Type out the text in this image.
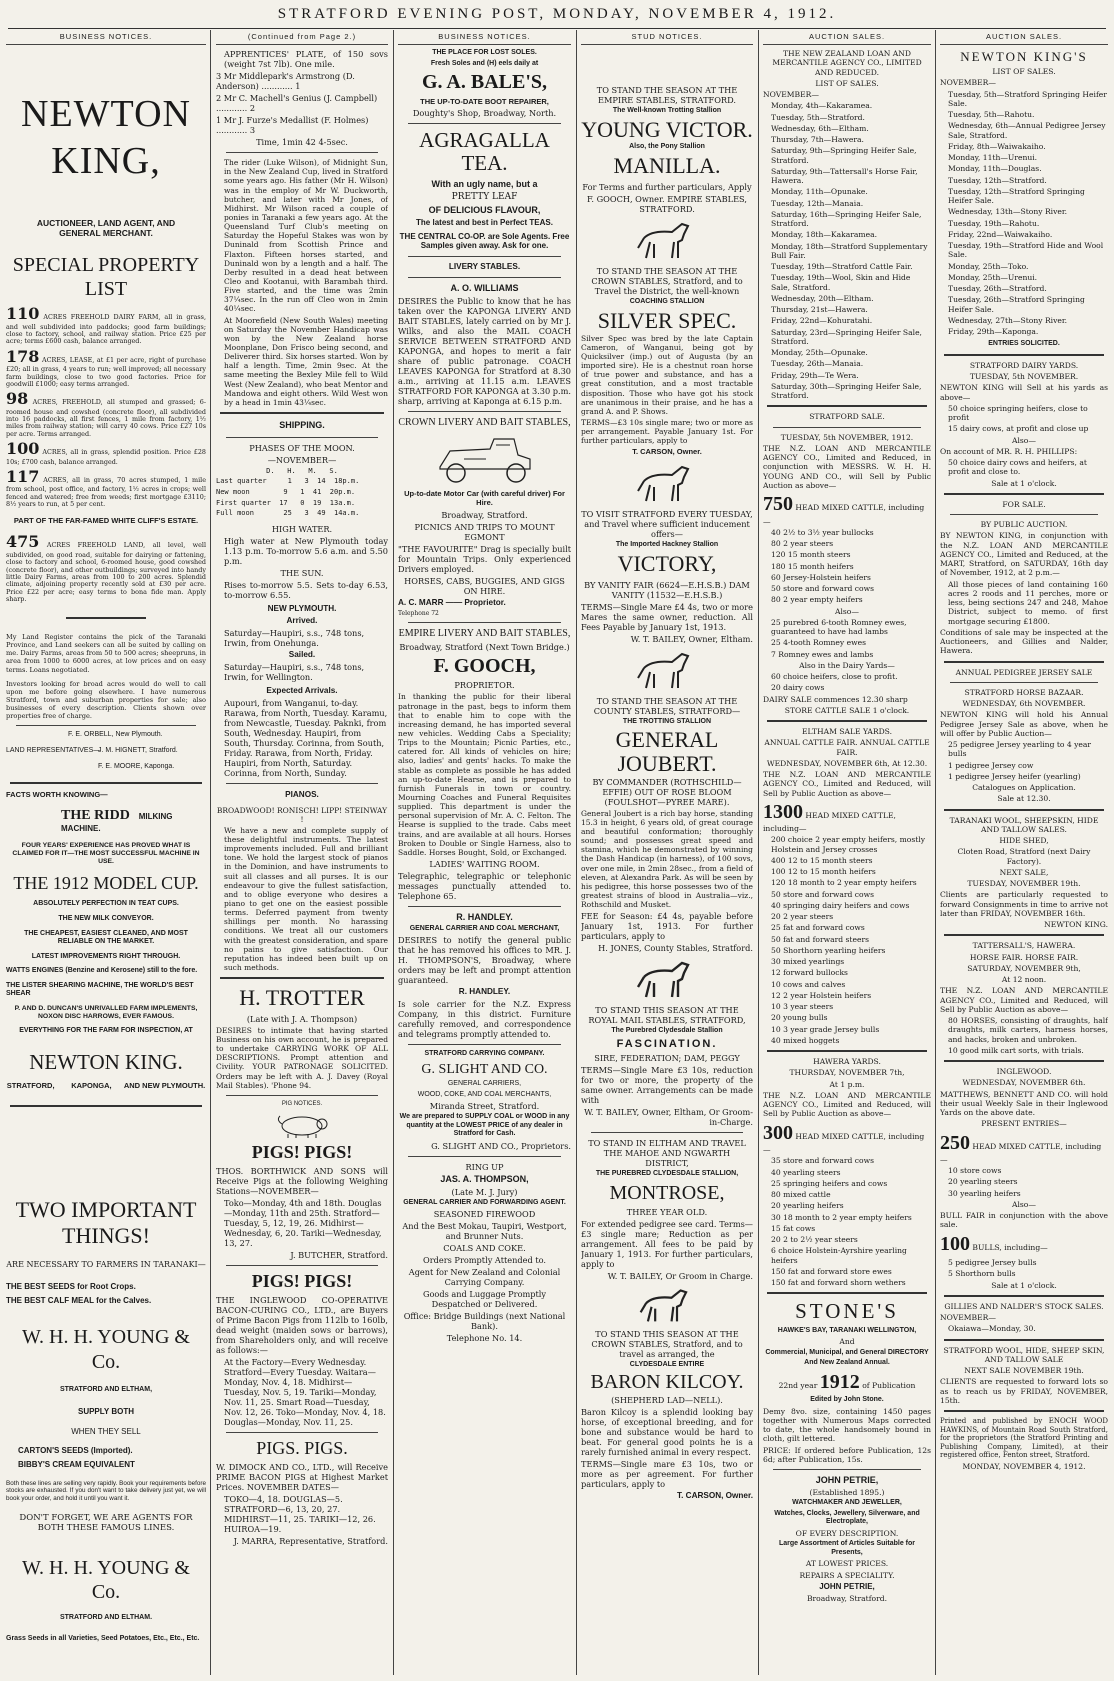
STRATFORD EVENING POST, MONDAY, NOVEMBER 4, 1912.
BUSINESS NOTICES.
NEWTON KING,
AUCTIONEER, LAND AGENT, AND GENERAL MERCHANT.
SPECIAL PROPERTY LIST

110 ACRES FREEHOLD DAIRY FARM, all in grass, and well subdivided into paddocks; good farm buildings; close to factory, school, and railway station. Price £25 per acre; terms £600 cash, balance arranged.

178 ACRES, LEASE, at £1 per acre, right of purchase £20; all in grass, 4 years to run; well improved; all necessary farm buildings, close to two good factories. Price for goodwill £1000; easy terms arranged.

98 ACRES, FREEHOLD, all stumped and grassed; 6-roomed house and cowshed (concrete floor), all subdivided into 16 paddocks, all first fences, 1 mile from factory, 1½ miles from railway station; will carry 40 cows. Price £27 10s per acre. Terms arranged.

100 ACRES, all in grass, splendid position. Price £28 10s; £700 cash, balance arranged.

117 ACRES, all in grass, 70 acres stumped, 1 mile from school, post office, and factory, 1½ acres in crops; well fenced and watered; free from weeds; first mortgage £3110; 8½ years to run, at 5 per cent.

PART OF THE FAR-FAMED WHITE CLIFF'S ESTATE.

475 ACRES FREEHOLD LAND, all level, well subdivided, on good road, suitable for dairying or fattening, close to factory and school, 6-roomed house, good cowshed (concrete floor), and other outbuildings; surveyed into handy little Dairy Farms, areas from 100 to 200 acres. Splendid climate, adjoining property recently sold at £30 per acre. Price £22 per acre; easy terms to bona fide man. Apply sharp.

My Land Register contains the pick of the Taranaki Province, and Land seekers can all be suited by calling on me. Dairy Farms, areas from 50 to 500 acres; sheepruns, in area from 1000 to 6000 acres, at low prices and on easy terms. Loans negotiated.

Investors looking for broad acres would do well to call upon me before going elsewhere. I have numerous Stratford, town and suburban properties for sale; also businesses of every description. Clients shown over properties free of charge.

F. E. ORBELL, New Plymouth.
LAND REPRESENTATIVES—
J. M. HIGNETT, Stratford.
F. E. MOORE, Kaponga.

FACTS WORTH KNOWING—

THE RIDD MILKING MACHINE.

FOUR YEARS' EXPERIENCE HAS PROVED WHAT IS CLAIMED FOR IT—THE MOST SUCCESSFUL MACHINE IN USE.

THE 1912 MODEL CUP.

ABSOLUTELY PERFECTION IN TEAT CUPS.

THE NEW MILK CONVEYOR.

THE CHEAPEST, EASIEST CLEANED, AND MOST RELIABLE ON THE MARKET.

LATEST IMPROVEMENTS RIGHT THROUGH.

WATTS ENGINES (Benzine and Kerosene) still to the fore.

THE LISTER SHEARING MACHINE, THE WORLD'S BEST SHEAR

P. AND D. DUNCAN'S UNRIVALLED FARM IMPLEMENTS, NOXON DISC HARROWS, EVER FAMOUS.

EVERYTHING FOR THE FARM FOR INSPECTION, AT

NEWTON KING.

STRATFORD,        KAPONGA,      AND NEW PLYMOUTH.

TWO IMPORTANT THINGS!

ARE NECESSARY TO FARMERS IN TARANAKI—

THE BEST SEEDS for Root Crops.

THE BEST CALF MEAL for the Calves.

W. H. H. YOUNG & Co.

STRATFORD AND ELTHAM,

SUPPLY BOTH

WHEN THEY SELL

CARTON'S SEEDS (Imported).

BIBBY'S CREAM EQUIVALENT

Both these lines are selling very rapidly. Book your requirements before stocks are exhausted. If you don't want to take delivery just yet, we will book your order, and hold it until you want it.

DON'T FORGET, WE ARE AGENTS FOR BOTH THESE FAMOUS LINES.

W. H. H. YOUNG & Co.

STRATFORD AND ELTHAM.

Grass Seeds in all Varieties, Seed Potatoes, Etc., Etc., Etc.

(Continued from Page 2.)

APPRENTICES' PLATE, of 150 sovs (weight 7st 7lb). One mile.

3 Mr Middlepark's Armstrong (D. Anderson) ............ 1

2 Mr C. Machell's Genius (J. Campbell) ............ 2

1 Mr J. Furze's Medallist (F. Holmes) ............ 3

Time, 1min 42 4-5sec.

The rider (Luke Wilson), of Midnight Sun, in the New Zealand Cup, lived in Stratford some years ago. His father (Mr H. Wilson) was in the employ of Mr W. Duckworth, butcher, and later with Mr Jones, of Midhirst. Mr Wilson raced a couple of ponies in Taranaki a few years ago. At the Queensland Turf Club's meeting on Saturday the Hopeful Stakes was won by Duninald from Scottish Prince and Flaxton. Fifteen horses started, and Duninald won by a length and a half. The Derby resulted in a dead heat between Cleo and Kootanui, with Barambah third. Five started, and the time was 2min 37¼sec. In the run off Cleo won in 2min 40¼sec.

At Moorefield (New South Wales) meeting on Saturday the November Handicap was won by the New Zealand horse Moonplane, Don Frisco being second, and Deliverer third. Six horses started. Won by half a length. Time, 2min 9sec. At the same meeting the Bexley Mile fell to Wild West (New Zealand), who beat Mentor and Mandowa and eight others. Wild West won by a head in 1min 43¼sec.

SHIPPING.

PHASES OF THE MOON.

—NOVEMBER—

D.   H.   M.   S.

Last quarter     1   3  14  18p.m.

New moon        9   1  41  20p.m.

First quarter  17   0  19  13a.m.

Full moon       25   3  49  14a.m.

HIGH WATER.

High water at New Plymouth today 1.13 p.m. To-morrow 5.6 a.m. and 5.50 p.m.

THE SUN.

Rises to-morrow 5.5. Sets to-day 6.53, to-morrow 6.55.

NEW PLYMOUTH.

Arrived.

Saturday—Haupiri, s.s., 748 tons, Irwin, from Onehunga.

Sailed.

Saturday—Haupiri, s.s., 748 tons, Irwin, for Wellington.

Expected Arrivals.

Aupouri, from Wanganui, to-day. Rarawa, from North, Tuesday. Karamu, from Newcastle, Tuesday. Paknki, from South, Wednesday. Haupiri, from South, Thursday. Corinna, from South, Friday. Rarawa, from North, Friday. Haupiri, from North, Saturday. Corinna, from North, Sunday.

PIANOS.

BROADWOOD! RONISCH! LIPP! STEINWAY !

We have a new and complete supply of these delightful instruments. The latest improvements included. Full and brilliant tone. We hold the largest stock of pianos in the Dominion, and have instruments to suit all classes and all purses. It is our endeavour to give the fullest satisfaction, and to oblige everyone who desires a piano to get one on the easiest possible terms. Deferred payment from twenty shillings per month. No harassing conditions. We treat all our customers with the greatest consideration, and spare no pains to give satisfaction. Our reputation has indeed been built up on such methods.

H. TROTTER

(Late with J. A. Thompson)

DESIRES to intimate that having started Business on his own account, he is prepared to undertake CARRYING WORK OF ALL DESCRIPTIONS. Prompt attention and Civility. YOUR PATRONAGE SOLICITED. Orders may be left with A. J. Davey (Royal Mail Stables). 'Phone 94.

PIG NOTICES.

PIGS! PIGS!

THOS. BORTHWICK AND SONS will Receive Pigs at the following Weighing Stations—NOVEMBER—

Toko—Monday, 4th and 18th. Douglas—Monday, 11th and 25th. Stratford—Tuesday, 5, 12, 19, 26. Midhirst—Wednesday, 6, 20. Tariki—Wednesday, 13, 27.

J. BUTCHER, Stratford.

PIGS! PIGS!

THE INGLEWOOD CO-OPERATIVE BACON-CURING CO., LTD., are Buyers of Prime Bacon Pigs from 112lb to 160lb, dead weight (maiden sows or barrows), from Shareholders only, and will receive as follows:—

At the Factory—Every Wednesday. Stratford—Every Tuesday. Waitara—Monday, Nov. 4, 18. Midhirst—Tuesday, Nov. 5, 19. Tariki—Monday, Nov. 11, 25. Smart Road—Tuesday, Nov. 12, 26. Toko—Monday, Nov. 4, 18. Douglas—Monday, Nov. 11, 25.

PIGS. PIGS.

W. DIMOCK AND CO., LTD., will Receive PRIME BACON PIGS at Highest Market Prices. NOVEMBER DATES—

TOKO—4, 18. DOUGLAS—5. STRATFORD—6, 13, 20, 27. MIDHIRST—11, 25. TARIKI—12, 26. HUIROA—19.

J. MARRA, Representative, Stratford.

BUSINESS NOTICES.

THE PLACE FOR LOST SOLES.

Fresh Soles and (H) eels daily at

G. A. BALE'S,

THE UP-TO-DATE BOOT REPAIRER,

Doughty's Shop, Broadway, North.

AGRAGALLA TEA.

With an ugly name, but a

PRETTY LEAF

OF DELICIOUS FLAVOUR,

The latest and best in Perfect TEAS.

THE CENTRAL CO-OP. are Sole Agents. Free Samples given away. Ask for one.

LIVERY STABLES.

A. O. WILLIAMS

DESIRES the Public to know that he has taken over the KAPONGA LIVERY AND BAIT STABLES, lately carried on by Mr J. Wilks, and also the MAIL COACH SERVICE BETWEEN STRATFORD AND KAPONGA, and hopes to merit a fair share of public patronage. COACH LEAVES KAPONGA for Stratford at 8.30 a.m., arriving at 11.15 a.m. LEAVES STRATFORD FOR KAPONGA at 3.30 p.m. sharp, arriving at Kaponga at 6.15 p.m.

CROWN LIVERY AND BAIT STABLES,

Up-to-date Motor Car (with careful driver) For Hire.

Broadway, Stratford.

PICNICS AND TRIPS TO MOUNT EGMONT

"THE FAVOURITE" Drag is specially built for Mountain Trips. Only experienced Drivers employed.

HORSES, CABS, BUGGIES, AND GIGS ON HIRE.

A. C. MARR —— Proprietor.

Telephone 72

EMPIRE LIVERY AND BAIT STABLES,

Broadway, Stratford (Next Town Bridge.)

F. GOOCH,

PROPRIETOR.

In thanking the public for their liberal patronage in the past, begs to inform them that to enable him to cope with the increasing demand, he has imported several new vehicles. Wedding Cabs a Speciality; Trips to the Mountain; Picnic Parties, etc., catered for. All kinds of vehicles on hire; also, ladies' and gents' hacks. To make the stable as complete as possible he has added an up-to-date Hearse, and is prepared to furnish Funerals in town or country. Mourning Coaches and Funeral Requisites supplied. This department is under the personal supervision of Mr. A. C. Felton. The Hearse is supplied to the trade. Cabs meet trains, and are available at all hours. Horses Broken to Double or Single Harness, also to Saddle. Horses Bought, Sold, or Exchanged.

LADIES' WAITING ROOM.

Telegraphic, telegraphic or telephonic messages punctually attended to. Telephone 65.

R. HANDLEY.

GENERAL CARRIER AND COAL MERCHANT,

DESIRES to notify the general public that he has removed his offices to MR. J. H. THOMPSON'S, Broadway, where orders may be left and prompt attention guaranteed.

R. HANDLEY.

Is sole carrier for the N.Z. Express Company, in this district. Furniture carefully removed, and correspondence and telegrams promptly attended to.

STRATFORD CARRYING COMPANY.

G. SLIGHT AND CO.

GENERAL CARRIERS,

WOOD, COKE, AND COAL MERCHANTS,

Miranda Street, Stratford.

We are prepared to SUPPLY COAL or WOOD in any quantity at the LOWEST PRICE of any dealer in Stratford for Cash.

G. SLIGHT AND CO., Proprietors.

RING UP

JAS. A. THOMPSON,

(Late M. J. Jury)

GENERAL CARRIER AND FORWARDING AGENT.

SEASONED FIREWOOD

And the Best Mokau, Taupiri, Westport, and Brunner Nuts.

COALS AND COKE.

Orders Promptly Attended to.

Agent for New Zealand and Colonial Carrying Company.

Goods and Luggage Promptly Despatched or Delivered.

Office: Bridge Buildings (next National Bank).

Telephone No. 14.

STUD NOTICES.

TO STAND THE SEASON AT THE EMPIRE STABLES, STRATFORD.

The Well-known Trotting Stallion

YOUNG VICTOR.

Also, the Pony Stallion

MANILLA.

For Terms and further particulars, Apply

F. GOOCH, Owner. EMPIRE STABLES, STRATFORD.

TO STAND THE SEASON AT THE CROWN STABLES, Stratford, and to Travel the District, the well-known

COACHING STALLION

SILVER SPEC.

Silver Spec was bred by the late Captain Cameron, of Wanganui, being got by Quicksilver (imp.) out of Augusta (by an imported sire). He is a chestnut roan horse of true power and substance, and has a great constitution, and a most tractable disposition. Those who have got his stock are unanimous in their praise, and he has a grand A. and P. Shows.

TERMS—£3 10s single mare; two or more as per arrangement. Payable January 1st. For further particulars, apply to

T. CARSON, Owner.

TO VISIT STRATFORD EVERY TUESDAY, and Travel where sufficient inducement offers—

The Imported Hackney Stallion

VICTORY,

BY VANITY FAIR (6624—E.H.S.B.) DAM VANITY (11532—E.H.S.B.)

TERMS—Single Mare £4 4s, two or more Mares the same owner, reduction. All Fees Payable by January 1st, 1913.

W. T. BAILEY, Owner, Eltham.

TO STAND THE SEASON AT THE COUNTY STABLES, STRATFORD—

THE TROTTING STALLION

GENERAL JOUBERT.

BY COMMANDER (ROTHSCHILD—EFFIE) OUT OF ROSE BLOOM (FOULSHOT—PYREE MARE).

General Joubert is a rich bay horse, standing 15.3 in height, 6 years old, of great courage and beautiful conformation; thoroughly sound; and possesses great speed and stamina, which he demonstrated by winning the Dash Handicap (in harness), of 100 sovs, over one mile, in 2min 28sec., from a field of eleven, at Alexandra Park. As will be seen by his pedigree, this horse possesses two of the greatest strains of blood in Australia—viz., Rothschild and Musket.

FEE for Season: £4 4s, payable before January 1st, 1913. For further particulars, apply to

H. JONES, County Stables, Stratford.

TO STAND THIS SEASON AT THE ROYAL MAIL STABLES, STRATFORD,

The Purebred Clydesdale Stallion

FASCINATION.

SIRE, FEDERATION; DAM, PEGGY

TERMS—Single Mare £3 10s, reduction for two or more, the property of the same owner. Arrangements can be made with

W. T. BAILEY, Owner, Eltham, Or Groom-in-Charge.

TO STAND IN ELTHAM AND TRAVEL THE MAHOE AND NGWARTH DISTRICT,

THE PUREBRED CLYDESDALE STALLION,

MONTROSE,

THREE YEAR OLD.

For extended pedigree see card. Terms—£3 single mare; Reduction as per arrangement. All fees to be paid by January 1, 1913. For further particulars, apply to

W. T. BAILEY, Or Groom in Charge.

TO STAND THIS SEASON AT THE CROWN STABLES, Stratford, and to travel as arranged, the

CLYDESDALE ENTIRE

BARON KILCOY.

(SHEPHERD LAD—NELL).

Baron Kilcoy is a splendid looking bay horse, of exceptional breeding, and for bone and substance would be hard to beat. For general good points he is a rarely furnished animal in every respect.

TERMS—Single mare £3 10s, two or more as per agreement. For further particulars, apply to

T. CARSON, Owner.

AUCTION SALES.

THE NEW ZEALAND LOAN AND MERCANTILE AGENCY CO., LIMITED AND REDUCED.

LIST OF SALES.

NOVEMBER—

Monday, 4th—Kakaramea.

Tuesday, 5th—Stratford.

Wednesday, 6th—Eltham.

Thursday, 7th—Hawera.

Saturday, 9th—Springing Heifer Sale, Stratford.

Saturday, 9th—Tattersall's Horse Fair, Hawera.

Monday, 11th—Opunake.

Tuesday, 12th—Manaia.

Saturday, 16th—Springing Heifer Sale, Stratford.

Monday, 18th—Kakaramea.

Monday, 18th—Stratford Supplementary Bull Fair.

Tuesday, 19th—Stratford Cattle Fair.

Tuesday, 19th—Wool, Skin and Hide Sale, Stratford.

Wednesday, 20th—Eltham.

Thursday, 21st—Hawera.

Friday, 22nd—Kohuratahi.

Saturday, 23rd—Springing Heifer Sale, Stratford.

Monday, 25th—Opunake.

Tuesday, 26th—Manaia.

Friday, 29th—Te Wera.

Saturday, 30th—Springing Heifer Sale, Stratford.

STRATFORD SALE.

TUESDAY, 5th NOVEMBER, 1912.

THE N.Z. LOAN AND MERCANTILE AGENCY CO., Limited and Reduced, in conjunction with MESSRS. W. H. H. YOUNG AND CO., will Sell by Public Auction as above—

750 HEAD MIXED CATTLE, including—

40 2½ to 3½ year bullocks

80 2 year steers

120 15 month steers

180 15 month heifers

60 Jersey-Holstein heifers

50 store and forward cows

80 2 year empty heifers

Also—

25 purebred 6-tooth Romney ewes, guaranteed to have had lambs

25 4-tooth Romney ewes

7 Romney ewes and lambs

Also in the Dairy Yards—

60 choice heifers, close to profit.

20 dairy cows

DAIRY SALE commences 12.30 sharp

STORE CATTLE SALE 1 o'clock.

ELTHAM SALE YARDS.

ANNUAL CATTLE FAIR. ANNUAL CATTLE FAIR.

WEDNESDAY, NOVEMBER 6th, At 12.30.

THE N.Z. LOAN AND MERCANTILE AGENCY CO., Limited and Reduced, will Sell by Public Auction as above—

1300 HEAD MIXED CATTLE, including—

200 choice 2 year empty heifers, mostly Holstein and Jersey crosses

400 12 to 15 month steers

100 12 to 15 month heifers

120 18 month to 2 year empty heifers

50 store and forward cows

40 springing dairy heifers and cows

20 2 year steers

25 fat and forward cows

50 fat and forward steers

50 Shorthorn yearling heifers

30 mixed yearlings

12 forward bullocks

10 cows and calves

12 2 year Holstein heifers

10 3 year steers

20 young bulls

10 3 year grade Jersey bulls

40 mixed hoggets

HAWERA YARDS.

THURSDAY, NOVEMBER 7th,

At 1 p.m.

THE N.Z. LOAN AND MERCANTILE AGENCY CO., Limited and Reduced, will Sell by Public Auction as above—

300 HEAD MIXED CATTLE, including—

35 store and forward cows

40 yearling steers

25 springing heifers and cows

80 mixed cattle

20 yearling heifers

30 18 month to 2 year empty heifers

15 fat cows

20 2 to 2½ year steers

6 choice Holstein-Ayrshire yearling heifers

150 fat and forward store ewes

150 fat and forward shorn wethers

STONE'S

HAWKE'S BAY, TARANAKI WELLINGTON,

And

Commercial, Municipal, and General DIRECTORY

And New Zealand Annual.

22nd year 1912 of Publication

Edited by John Stone.

Demy 8vo. size, containing 1450 pages together with Numerous Maps corrected to date, the whole handsomely bound in cloth, gilt lettered.

PRICE: If ordered before Publication, 12s 6d; after Publication, 15s.

JOHN PETRIE,

(Established 1895.)

WATCHMAKER AND JEWELLER,

Watches, Clocks, Jewellery, Silverware, and Electroplate,

OF EVERY DESCRIPTION.

Large Assortment of Articles Suitable for Presents,

AT LOWEST PRICES.

REPAIRS A SPECIALITY.

JOHN PETRIE,

Broadway, Stratford.

AUCTION SALES.

NEWTON KING'S

LIST OF SALES.

NOVEMBER—

Tuesday, 5th—Stratford Springing Heifer Sale.

Tuesday, 5th—Rahotu.

Wednesday, 6th—Annual Pedigree Jersey Sale, Stratford.

Friday, 8th—Waiwakaiho.

Monday, 11th—Urenui.

Monday, 11th—Douglas.

Tuesday, 12th—Stratford.

Tuesday, 12th—Stratford Springing Heifer Sale.

Wednesday, 13th—Stony River.

Tuesday, 19th—Rahotu.

Friday, 22nd—Waiwakaiho.

Tuesday, 19th—Stratford Hide and Wool Sale.

Monday, 25th—Toko.

Monday, 25th—Urenui.

Tuesday, 26th—Stratford.

Tuesday, 26th—Stratford Springing Heifer Sale.

Wednesday, 27th—Stony River.

Friday, 29th—Kaponga.

ENTRIES SOLICITED.

STRATFORD DAIRY YARDS.

TUESDAY, 5th NOVEMBER.

NEWTON KING will Sell at his yards as above—

50 choice springing heifers, close to profit

15 dairy cows, at profit and close up

Also—

On account of MR. R. H. PHILLIPS:

50 choice dairy cows and heifers, at profit and close to.

Sale at 1 o'clock.

FOR SALE.

BY PUBLIC AUCTION.

BY NEWTON KING, in conjunction with the N.Z. LOAN AND MERCANTILE AGENCY CO., Limited and Reduced, at the MART, Stratford, on SATURDAY, 16th day of November, 1912, at 2 p.m.—

All those pieces of land containing 160 acres 2 roods and 11 perches, more or less, being sections 247 and 248, Mahoe District, subject to memo. of first mortgage securing £1800.

Conditions of sale may be inspected at the Auctioneers, and Gillies and Nalder, Hawera.

ANNUAL PEDIGREE JERSEY SALE

STRATFORD HORSE BAZAAR.

WEDNESDAY, 6th NOVEMBER.

NEWTON KING will hold his Annual Pedigree Jersey Sale as above, when he will offer by Public Auction—

25 pedigree Jersey yearling to 4 year bulls

1 pedigree Jersey cow

1 pedigree Jersey heifer (yearling)

Catalogues on Application.

Sale at 12.30.

TARANAKI WOOL, SHEEPSKIN, HIDE AND TALLOW SALES.

HIDE SHED,

Cloten Road, Stratford (next Dairy Factory).

NEXT SALE,

TUESDAY, NOVEMBER 19th.

Clients are particularly requested to forward Consignments in time to arrive not later than FRIDAY, NOVEMBER 16th.

NEWTON KING.

TATTERSALL'S, HAWERA.

HORSE FAIR. HORSE FAIR.

SATURDAY, NOVEMBER 9th,

At 12 noon.

THE N.Z. LOAN AND MERCANTILE AGENCY CO., Limited and Reduced, will Sell by Public Auction as above—

80 HORSES, consisting of draughts, half draughts, milk carters, harness horses, and hacks, broken and unbroken.

10 good milk cart sorts, with trials.

INGLEWOOD.

WEDNESDAY, NOVEMBER 6th.

MATTHEWS, BENNETT AND CO. will hold their usual Weekly Sale in their Inglewood Yards on the above date.

PRESENT ENTRIES—

250 HEAD MIXED CATTLE, including—

10 store cows

20 yearling steers

30 yearling heifers

Also—

BULL FAIR in conjunction with the above sale.

100 BULLS, including—

5 pedigree Jersey bulls

5 Shorthorn bulls

Sale at 1 o'clock.

GILLIES AND NALDER'S STOCK SALES.

NOVEMBER—

Okaiawa—Monday, 30.

STRATFORD WOOL, HIDE, SHEEP SKIN, AND TALLOW SALE

NEXT SALE NOVEMBER 19th.

CLIENTS are requested to forward lots so as to reach us by FRIDAY, NOVEMBER, 15th.

Printed and published by ENOCH WOOD HAWKINS, of Mountain Road South Stratford, for the proprietors (the Stratford Printing and Publishing Company, Limited), at their registered office, Fenton street, Stratford.

MONDAY, NOVEMBER 4, 1912.
